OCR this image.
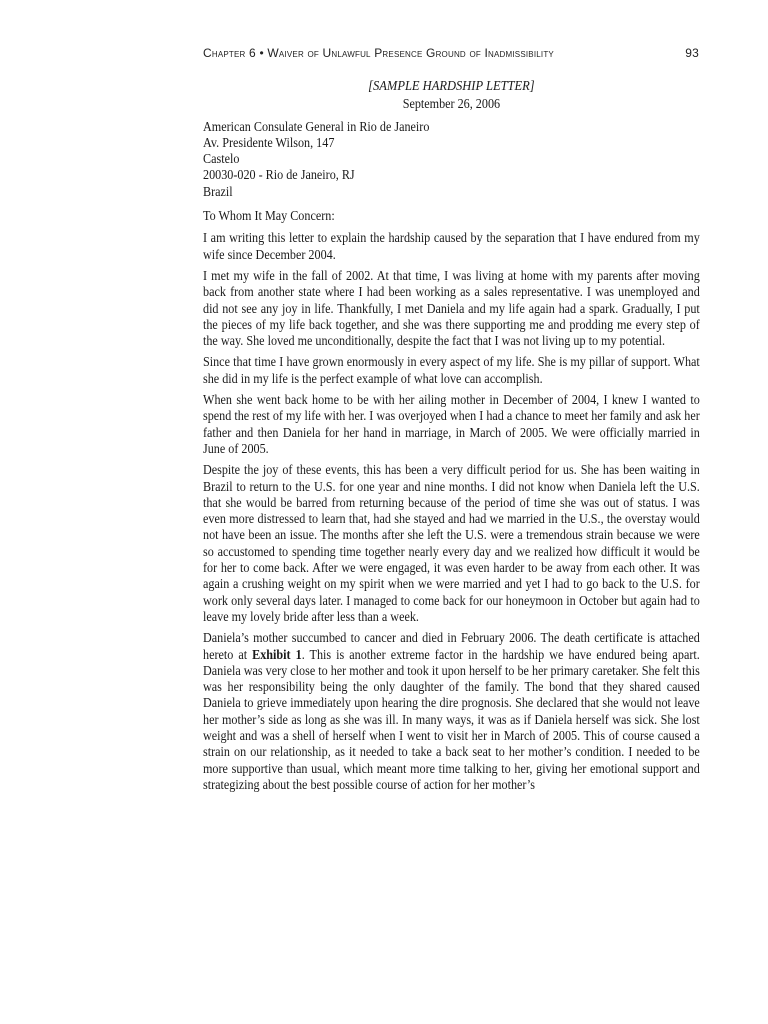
Chapter 6 • Waiver of Unlawful Presence Ground of Inadmissibility	93

[SAMPLE HARDSHIP LETTER]

September 26, 2006

American Consulate General in Rio de Janeiro

Av. Presidente Wilson, 147

Castelo

20030-020 - Rio de Janeiro, RJ

Brazil

To Whom It May Concern:

I am writing this letter to explain the hardship caused by the separation that I have endured from my wife since December 2004.

I met my wife in the fall of 2002. At that time, I was living at home with my parents after moving back from another state where I had been working as a sales representative. I was unemployed and did not see any joy in life. Thankfully, I met Daniela and my life again had a spark. Gradually, I put the pieces of my life back together, and she was there supporting me and prodding me every step of the way. She loved me unconditionally, despite the fact that I was not living up to my potential.

Since that time I have grown enormously in every aspect of my life. She is my pillar of support. What she did in my life is the perfect example of what love can accomplish.

When she went back home to be with her ailing mother in December of 2004, I knew I wanted to spend the rest of my life with her. I was overjoyed when I had a chance to meet her family and ask her father and then Daniela for her hand in marriage, in March of 2005. We were officially married in June of 2005.

Despite the joy of these events, this has been a very difficult period for us. She has been waiting in Brazil to return to the U.S. for one year and nine months. I did not know when Daniela left the U.S. that she would be barred from returning because of the period of time she was out of status. I was even more distressed to learn that, had she stayed and had we married in the U.S., the overstay would not have been an issue. The months after she left the U.S. were a tremendous strain because we were so accustomed to spending time together nearly every day and we realized how difficult it would be for her to come back. After we were engaged, it was even harder to be away from each other. It was again a crushing weight on my spirit when we were married and yet I had to go back to the U.S. for work only several days later. I managed to come back for our honeymoon in October but again had to leave my lovely bride after less than a week.

Daniela’s mother succumbed to cancer and died in February 2006. The death certificate is attached hereto at Exhibit 1. This is another extreme factor in the hardship we have endured being apart. Daniela was very close to her mother and took it upon herself to be her primary caretaker. She felt this was her responsibility being the only daughter of the family. The bond that they shared caused Daniela to grieve immediately upon hearing the dire prognosis. She declared that she would not leave her mother’s side as long as she was ill. In many ways, it was as if Daniela herself was sick. She lost weight and was a shell of herself when I went to visit her in March of 2005. This of course caused a strain on our relationship, as it needed to take a back seat to her mother’s condition. I needed to be more supportive than usual, which meant more time talking to her, giving her emotional support and strategizing about the best possible course of action for her mother’s
